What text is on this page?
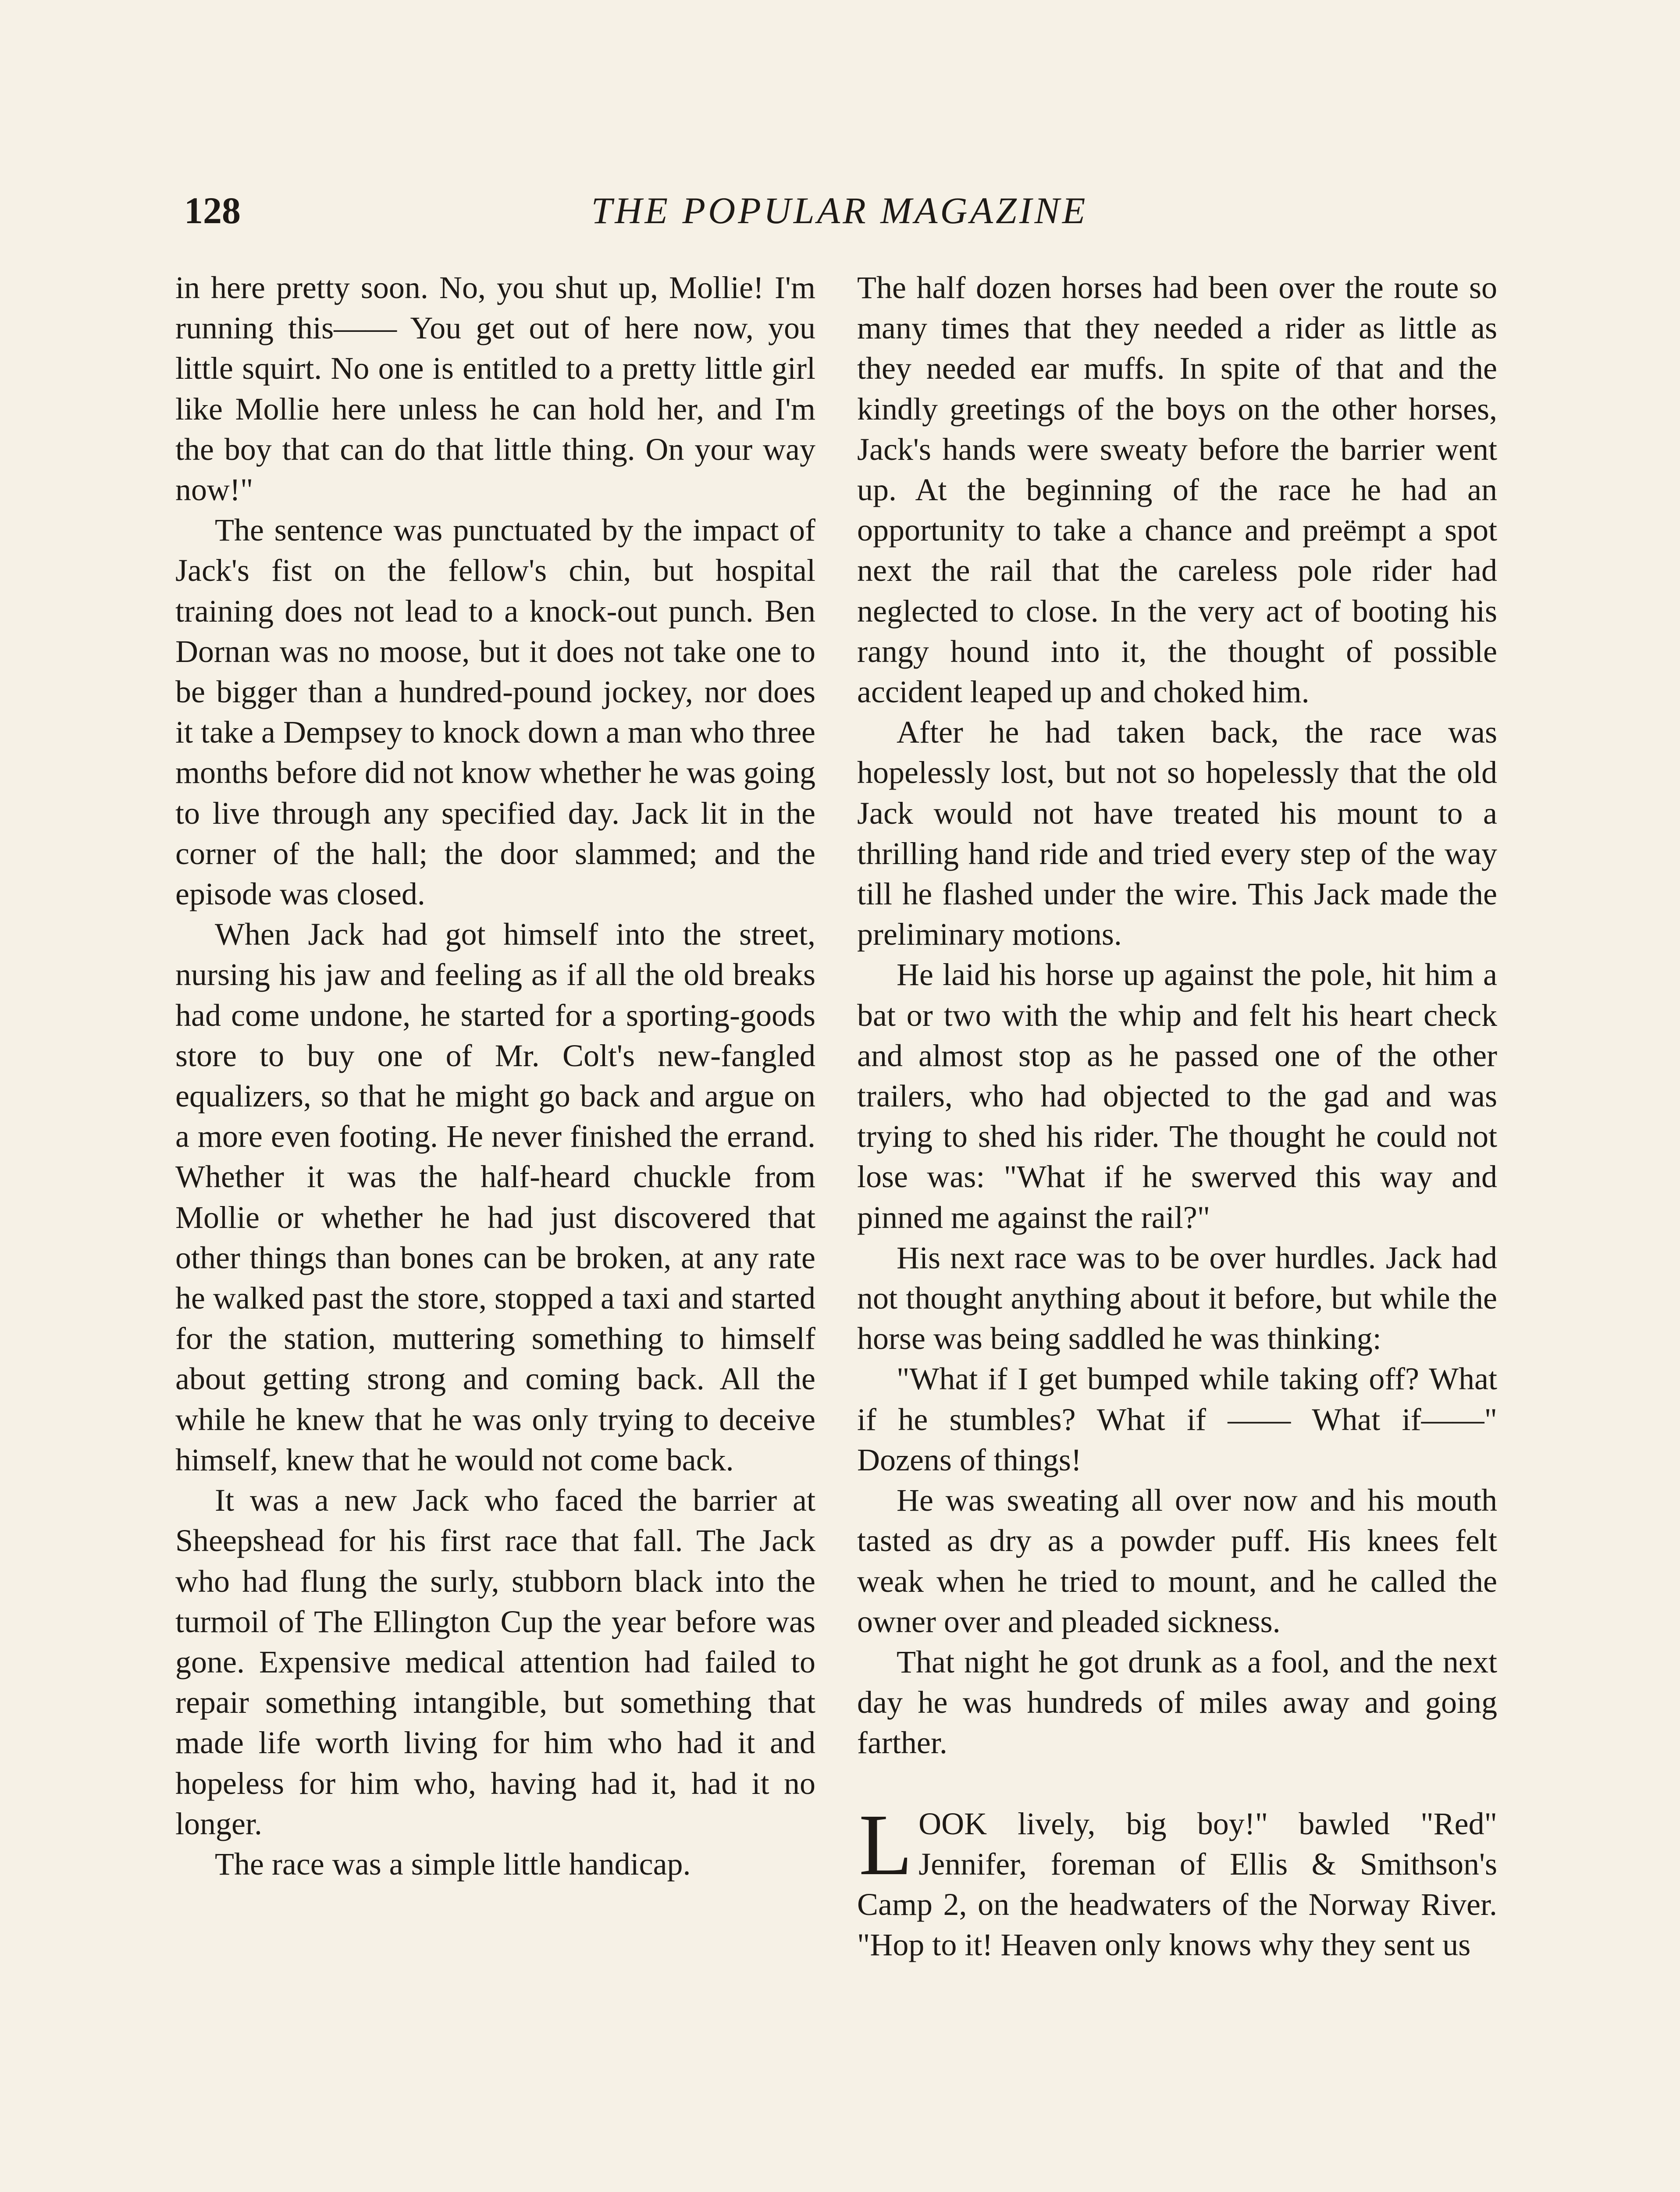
128	THE POPULAR MAGAZINE

in here pretty soon. No, you shut up, Mollie! I'm running this—— You get out of here now, you little squirt. No one is entitled to a pretty little girl like Mollie here unless he can hold her, and I'm the boy that can do that little thing. On your way now!"

The sentence was punctuated by the impact of Jack's fist on the fellow's chin, but hospital training does not lead to a knock-out punch. Ben Dornan was no moose, but it does not take one to be bigger than a hundred-pound jockey, nor does it take a Dempsey to knock down a man who three months before did not know whether he was going to live through any specified day. Jack lit in the corner of the hall; the door slammed; and the episode was closed.

When Jack had got himself into the street, nursing his jaw and feeling as if all the old breaks had come undone, he started for a sporting-goods store to buy one of Mr. Colt's new-fangled equalizers, so that he might go back and argue on a more even footing. He never finished the errand. Whether it was the half-heard chuckle from Mollie or whether he had just discovered that other things than bones can be broken, at any rate he walked past the store, stopped a taxi and started for the station, muttering something to himself about getting strong and coming back. All the while he knew that he was only trying to deceive himself, knew that he would not come back.

It was a new Jack who faced the barrier at Sheepshead for his first race that fall. The Jack who had flung the surly, stubborn black into the turmoil of The Ellington Cup the year before was gone. Expensive medical attention had failed to repair something intangible, but something that made life worth living for him who had it and hopeless for him who, having had it, had it no longer.

The race was a simple little handicap.

The half dozen horses had been over the route so many times that they needed a rider as little as they needed ear muffs. In spite of that and the kindly greetings of the boys on the other horses, Jack's hands were sweaty before the barrier went up. At the beginning of the race he had an opportunity to take a chance and preëmpt a spot next the rail that the careless pole rider had neglected to close. In the very act of booting his rangy hound into it, the thought of possible accident leaped up and choked him.

After he had taken back, the race was hopelessly lost, but not so hopelessly that the old Jack would not have treated his mount to a thrilling hand ride and tried every step of the way till he flashed under the wire. This Jack made the preliminary motions.

He laid his horse up against the pole, hit him a bat or two with the whip and felt his heart check and almost stop as he passed one of the other trailers, who had objected to the gad and was trying to shed his rider. The thought he could not lose was: "What if he swerved this way and pinned me against the rail?"

His next race was to be over hurdles. Jack had not thought anything about it before, but while the horse was being saddled he was thinking:

"What if I get bumped while taking off? What if he stumbles? What if —— What if——" Dozens of things!

He was sweating all over now and his mouth tasted as dry as a powder puff. His knees felt weak when he tried to mount, and he called the owner over and pleaded sickness.

That night he got drunk as a fool, and the next day he was hundreds of miles away and going farther.

LOOK lively, big boy!" bawled "Red" Jennifer, foreman of Ellis & Smithson's Camp 2, on the headwaters of the Norway River. "Hop to it! Heaven only knows why they sent us
